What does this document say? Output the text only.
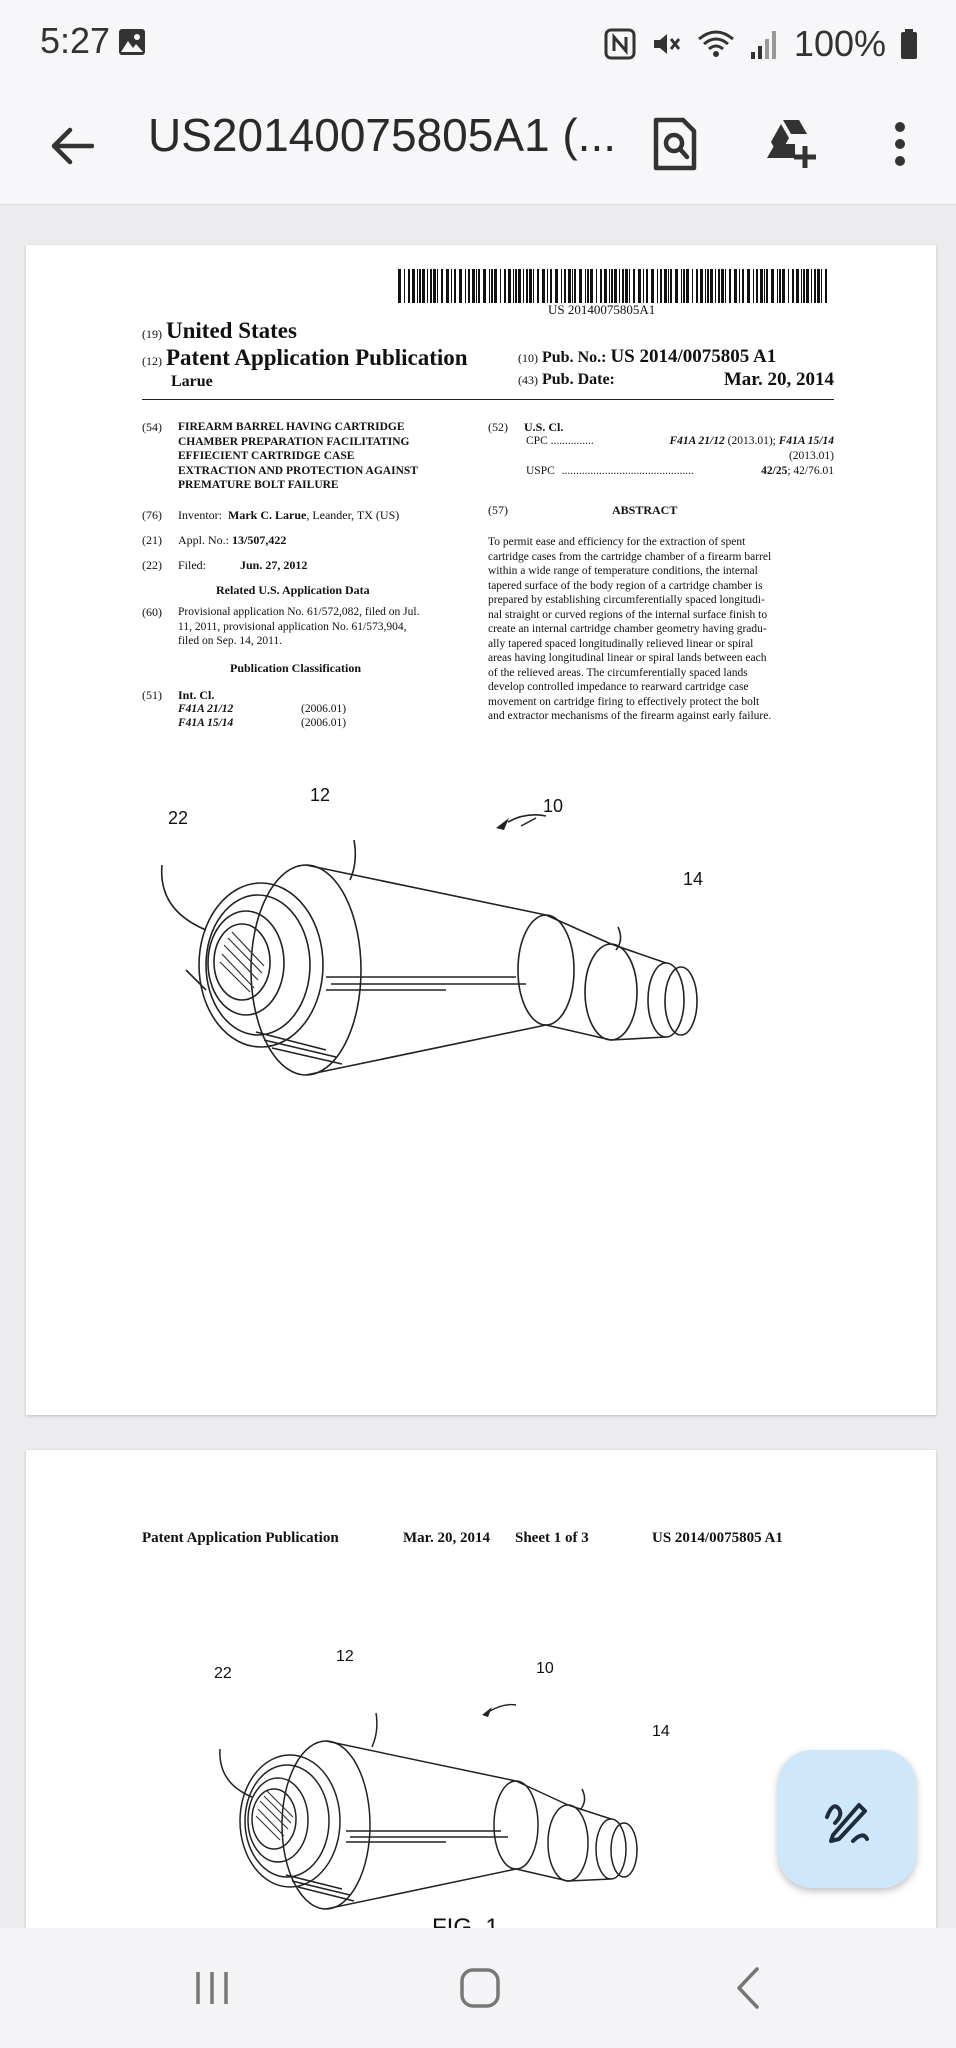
5:27	100%
US20140075805A1 (...
US 20140075805A1
(19) United States
(12) Patent Application Publication
Larue
(10) Pub. No.: US 2014/0075805 A1
(43) Pub. Date:	Mar. 20, 2014
(54) FIREARM BARREL HAVING CARTRIDGE
CHAMBER PREPARATION FACILITATING
EFFIECIENT CARTRIDGE CASE
EXTRACTION AND PROTECTION AGAINST
PREMATURE BOLT FAILURE
(76) Inventor: Mark C. Larue, Leander, TX (US)
(21) Appl. No.: 13/507,422
(22) Filed:	Jun. 27, 2012
Related U.S. Application Data
(60) Provisional application No. 61/572,082, filed on Jul.
11, 2011, provisional application No. 61/573,904,
filed on Sep. 14, 2011.
Publication Classification
(51) Int. Cl.
F41A 21/12	(2006.01)
F41A 15/14	(2006.01)
(52) U.S. Cl.
CPC ...............	F41A 21/12 (2013.01); F41A 15/14
(2013.01)
USPC ..............................................	42/25; 42/76.01
(57)	ABSTRACT
To permit ease and efficiency for the extraction of spent
cartridge cases from the cartridge chamber of a firearm barrel
within a wide range of temperature conditions, the internal
tapered surface of the body region of a cartridge chamber is
prepared by establishing circumferentially spaced longitudi-
nal straight or curved regions of the internal surface finish to
create an internal cartridge chamber geometry having gradu-
ally tapered spaced longitudinally relieved linear or spiral
areas having longitudinal linear or spiral lands between each
of the relieved areas. The circumferentially spaced lands
develop controlled impedance to rearward cartridge case
movement on cartridge firing to effectively protect the bolt
and extractor mechanisms of the firearm against early failure.
22
12
10
14
Patent Application Publication	Mar. 20, 2014 Sheet 1 of 3	US 2014/0075805 A1
22
12
10
14
